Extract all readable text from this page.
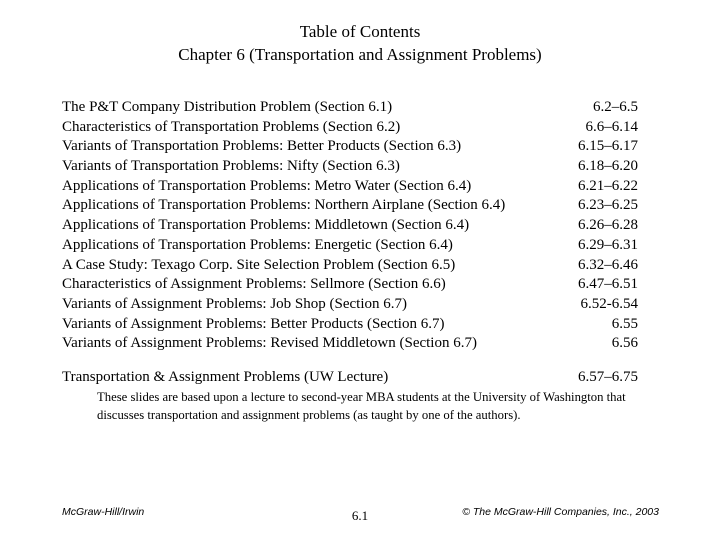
Table of Contents
Chapter 6 (Transportation and Assignment Problems)
The P&T Company Distribution Problem (Section 6.1)	6.2–6.5
Characteristics of Transportation Problems (Section 6.2)	6.6–6.14
Variants of Transportation Problems: Better Products (Section 6.3)	6.15–6.17
Variants of Transportation Problems: Nifty (Section 6.3)	6.18–6.20
Applications of Transportation Problems: Metro Water (Section 6.4)	6.21–6.22
Applications of Transportation Problems: Northern Airplane (Section 6.4)	6.23–6.25
Applications of Transportation Problems: Middletown (Section 6.4)	6.26–6.28
Applications of Transportation Problems: Energetic (Section 6.4)	6.29–6.31
A Case Study: Texago Corp. Site Selection Problem (Section 6.5)	6.32–6.46
Characteristics of Assignment Problems: Sellmore (Section 6.6)	6.47–6.51
Variants of Assignment Problems: Job Shop (Section 6.7)	6.52-6.54
Variants of Assignment Problems: Better Products (Section 6.7)	6.55
Variants of Assignment Problems: Revised Middletown (Section 6.7)	6.56
Transportation & Assignment Problems (UW Lecture)	6.57–6.75
These slides are based upon a lecture to second-year MBA students at the University of Washington that discusses transportation and assignment problems (as taught by one of the authors).
McGraw-Hill/Irwin	6.1	© The McGraw-Hill Companies, Inc., 2003
